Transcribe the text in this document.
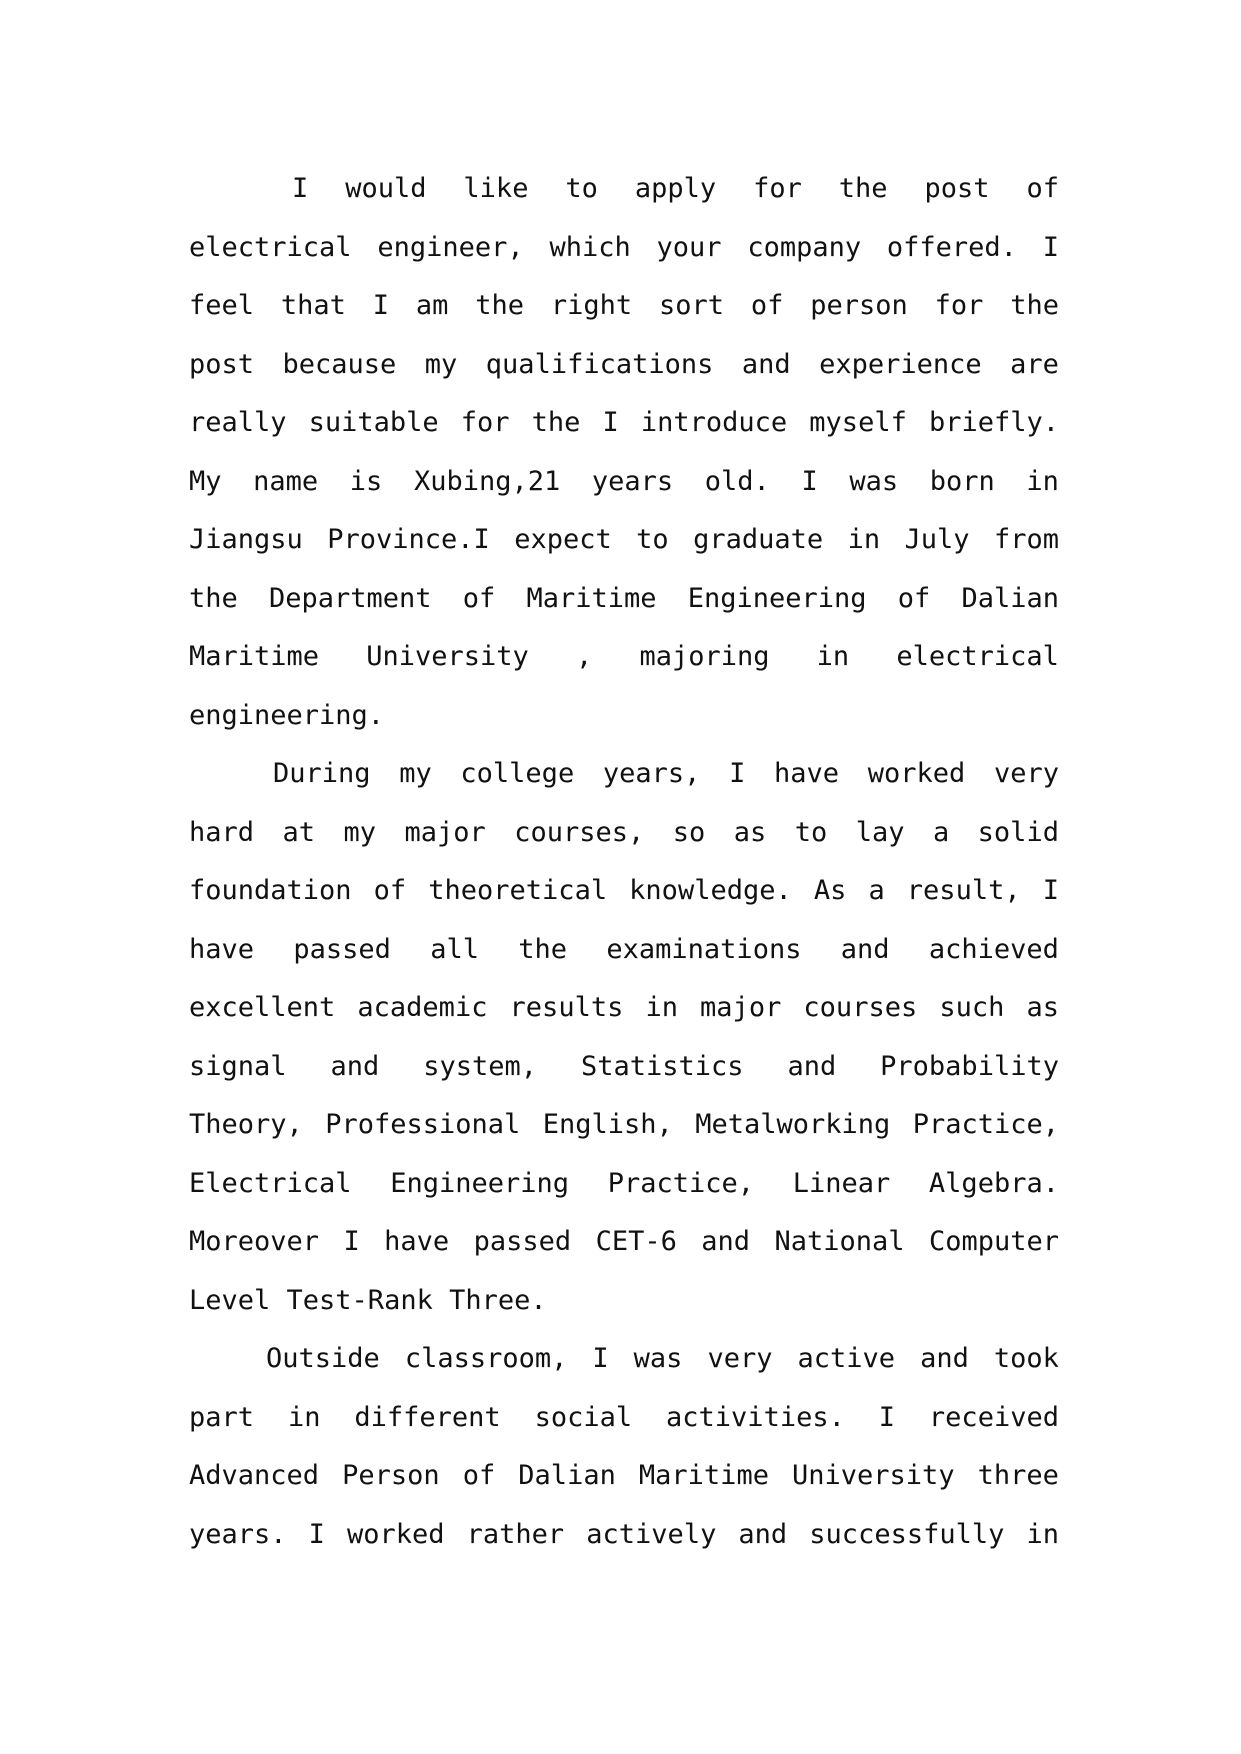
I would like to apply for the post of
electrical engineer, which your company offered. I
feel that I am the right sort of person for the
post because my qualifications and experience are
really suitable for the I introduce myself briefly.
My name is Xubing,21 years old. I was born in
Jiangsu Province.I expect to graduate in July from
the Department of Maritime Engineering of Dalian
Maritime University , majoring in electrical
engineering.
During my college years, I have worked very
hard at my major courses, so as to lay a solid
foundation of theoretical knowledge. As a result, I
have passed all the examinations and achieved
excellent academic results in major courses such as
signal and system, Statistics and Probability
Theory, Professional English, Metalworking Practice,
Electrical Engineering Practice, Linear Algebra.
Moreover I have passed CET-6 and National Computer
Level Test-Rank Three.
Outside classroom, I was very active and took
part in different social activities. I received
Advanced Person of Dalian Maritime University three
years. I worked rather actively and successfully in
